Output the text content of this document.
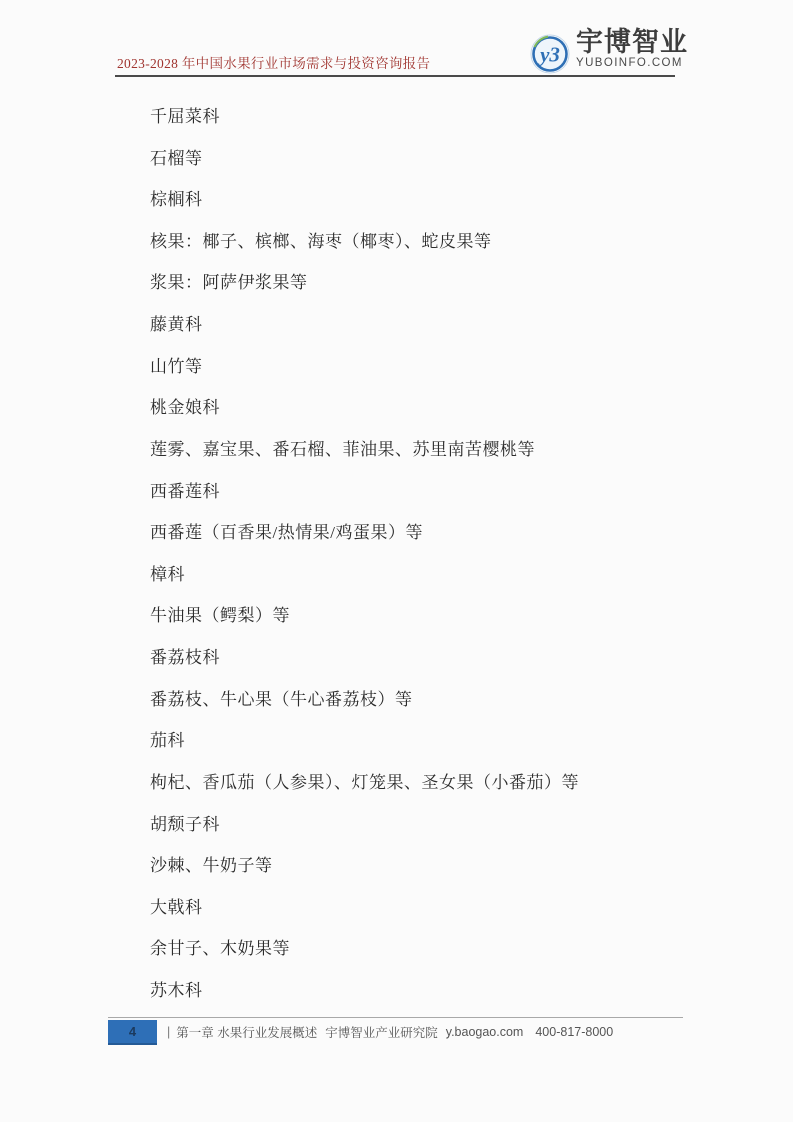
2023-2028 年中国水果行业市场需求与投资咨询报告	y3 宇博智业
YUBOINFO.COM
千屈菜科
石榴等
棕榈科
核果：椰子、槟榔、海枣（椰枣）、蛇皮果等
浆果：阿萨伊浆果等
藤黄科
山竹等
桃金娘科
莲雾、嘉宝果、番石榴、菲油果、苏里南苦樱桃等
西番莲科
西番莲（百香果/热情果/鸡蛋果）等
樟科
牛油果（鳄梨）等
番荔枝科
番荔枝、牛心果（牛心番荔枝）等
茄科
枸杞、香瓜茄（人参果）、灯笼果、圣女果（小番茄）等
胡颓子科
沙棘、牛奶子等
大戟科
余甘子、木奶果等
苏木科
4 | 第一章 水果行业发展概述 宇博智业产业研究院 y.baogao.com 400-817-8000
